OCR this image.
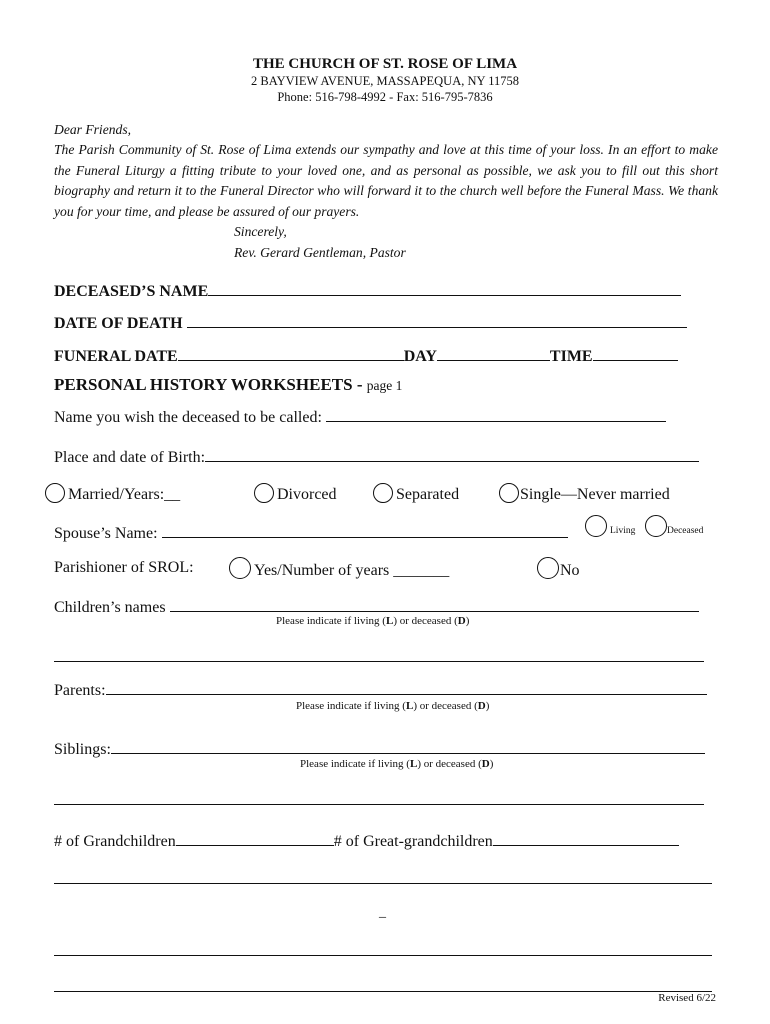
THE CHURCH OF ST. ROSE OF LIMA
2 BAYVIEW AVENUE, MASSAPEQUA, NY 11758
Phone: 516-798-4992 - Fax: 516-795-7836
Dear Friends,
The Parish Community of St. Rose of Lima extends our sympathy and love at this time of your loss. In an effort to make the Funeral Liturgy a fitting tribute to your loved one, and as personal as possible, we ask you to fill out this short biography and return it to the Funeral Director who will forward it to the church well before the Funeral Mass. We thank you for your time, and please be assured of our prayers.
Sincerely,
Rev. Gerard Gentleman, Pastor
DECEASED’S NAME
DATE OF DEATH
FUNERAL DATE	DAY	TIME
PERSONAL HISTORY WORKSHEETS - page 1
Name you wish the deceased to be called:
Place and date of Birth:
Married/Years:__	Divorced	Separated	Single—Never married
Spouse’s Name:	Living	Deceased
Parishioner of SROL:	Yes/Number of years _______	No
Children’s names
Please indicate if living (L) or deceased (D)
Parents:
Please indicate if living (L) or deceased (D)
Siblings:
Please indicate if living (L) or deceased (D)
# of Grandchildren	# of Great-grandchildren
_
Revised 6/22
